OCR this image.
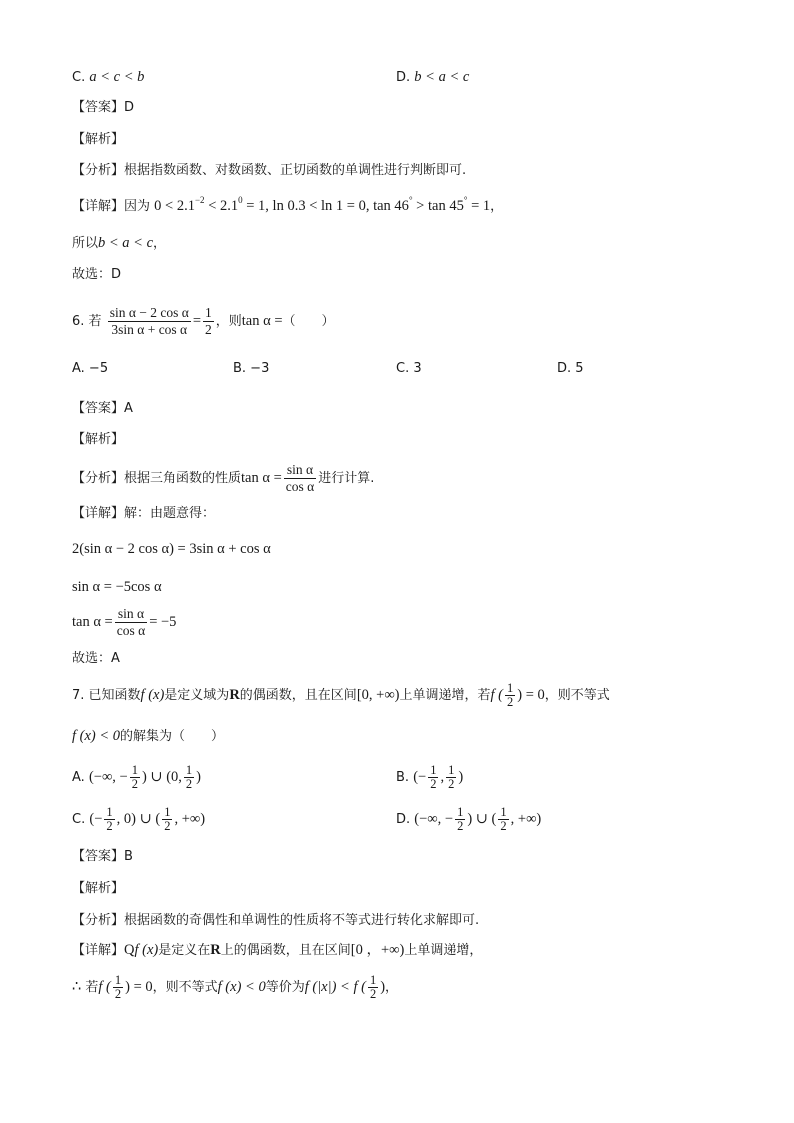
C. a < c < b	D. b < a < c
【答案】D
【解析】
【分析】根据指数函数、对数函数、正切函数的单调性进行判断即可.
【详解】因为 $0 < 2.1^{-2} < 2.1^0 = 1$, ln 0.3 < ln 1 = 0, tan 46° > tan 45° = 1，
所以b < a < c，
故选：D
6. 若 $\frac{\text{sin α − 2 cos α}}{\text{3sin α + cos α}} = \frac{1}{2}$ ，则tan α =（　　）
A. −5	B. −3	C. 3	D. 5
【答案】A
【解析】
【分析】根据三角函数的性质$\tan \alpha = \frac{\text{sin α}}{\text{cos α}}$ 进行计算.
【详解】解：由题意得：
2(sin α − 2 cos α) = 3sin α + cos α
sin α = −5cos α
$\tan \alpha = \frac{\text{sin α}}{\text{cos α}} = -5$
故选：A
7. 已知函数f (x)是定义域为R的偶函数，且在区间[0, +∞)上单调递增，若f ( $\frac{1}{2}$ ) = 0，则不等式
f (x) < 0的解集为（　　）
A. (−∞, − $\frac{1}{2}$ ) ∪ (0, $\frac{1}{2}$ )	B. (− $\frac{1}{2}$ , $\frac{1}{2}$ )
C. (− $\frac{1}{2}$ , 0) ∪ ( $\frac{1}{2}$ , +∞)	D. (−∞, − $\frac{1}{2}$ ) ∪ ( $\frac{1}{2}$ , +∞)
【答案】B
【解析】
【分析】根据函数的奇偶性和单调性的性质将不等式进行转化求解即可.
【详解】Qf (x)是定义在R上的偶函数，且在区间[0 ，+∞)上单调递增，
∴ 若f ( $\frac{1}{2}$ ) = 0，则不等式f (x) < 0等价为f (|x|) < f ( $\frac{1}{2}$ )，
